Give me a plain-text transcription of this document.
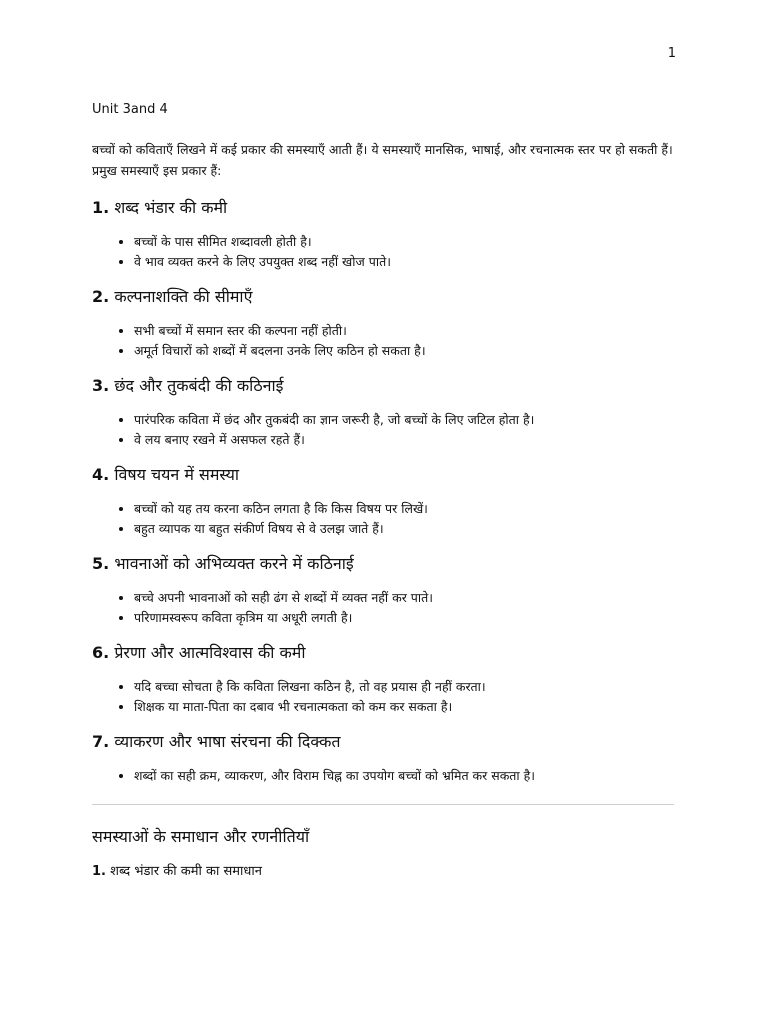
1

Unit 3and 4

बच्चों को कविताएँ लिखने में कई प्रकार की समस्याएँ आती हैं। ये समस्याएँ मानसिक, भाषाई, और रचनात्मक स्तर पर हो सकती हैं। प्रमुख समस्याएँ इस प्रकार हैं:

1. शब्द भंडार की कमी
• बच्चों के पास सीमित शब्दावली होती है।
• वे भाव व्यक्त करने के लिए उपयुक्त शब्द नहीं खोज पाते।
2. कल्पनाशक्ति की सीमाएँ
• सभी बच्चों में समान स्तर की कल्पना नहीं होती।
• अमूर्त विचारों को शब्दों में बदलना उनके लिए कठिन हो सकता है।
3. छंद और तुकबंदी की कठिनाई
• पारंपरिक कविता में छंद और तुकबंदी का ज्ञान जरूरी है, जो बच्चों के लिए जटिल होता है।
• वे लय बनाए रखने में असफल रहते हैं।
4. विषय चयन में समस्या
• बच्चों को यह तय करना कठिन लगता है कि किस विषय पर लिखें।
• बहुत व्यापक या बहुत संकीर्ण विषय से वे उलझ जाते हैं।
5. भावनाओं को अभिव्यक्त करने में कठिनाई
• बच्चे अपनी भावनाओं को सही ढंग से शब्दों में व्यक्त नहीं कर पाते।
• परिणामस्वरूप कविता कृत्रिम या अधूरी लगती है।
6. प्रेरणा और आत्मविश्वास की कमी
• यदि बच्चा सोचता है कि कविता लिखना कठिन है, तो वह प्रयास ही नहीं करता।
• शिक्षक या माता-पिता का दबाव भी रचनात्मकता को कम कर सकता है।
7. व्याकरण और भाषा संरचना की दिक्कत
• शब्दों का सही क्रम, व्याकरण, और विराम चिह्न का उपयोग बच्चों को भ्रमित कर सकता है।
समस्याओं के समाधान और रणनीतियाँ

1. शब्द भंडार की कमी का समाधान
